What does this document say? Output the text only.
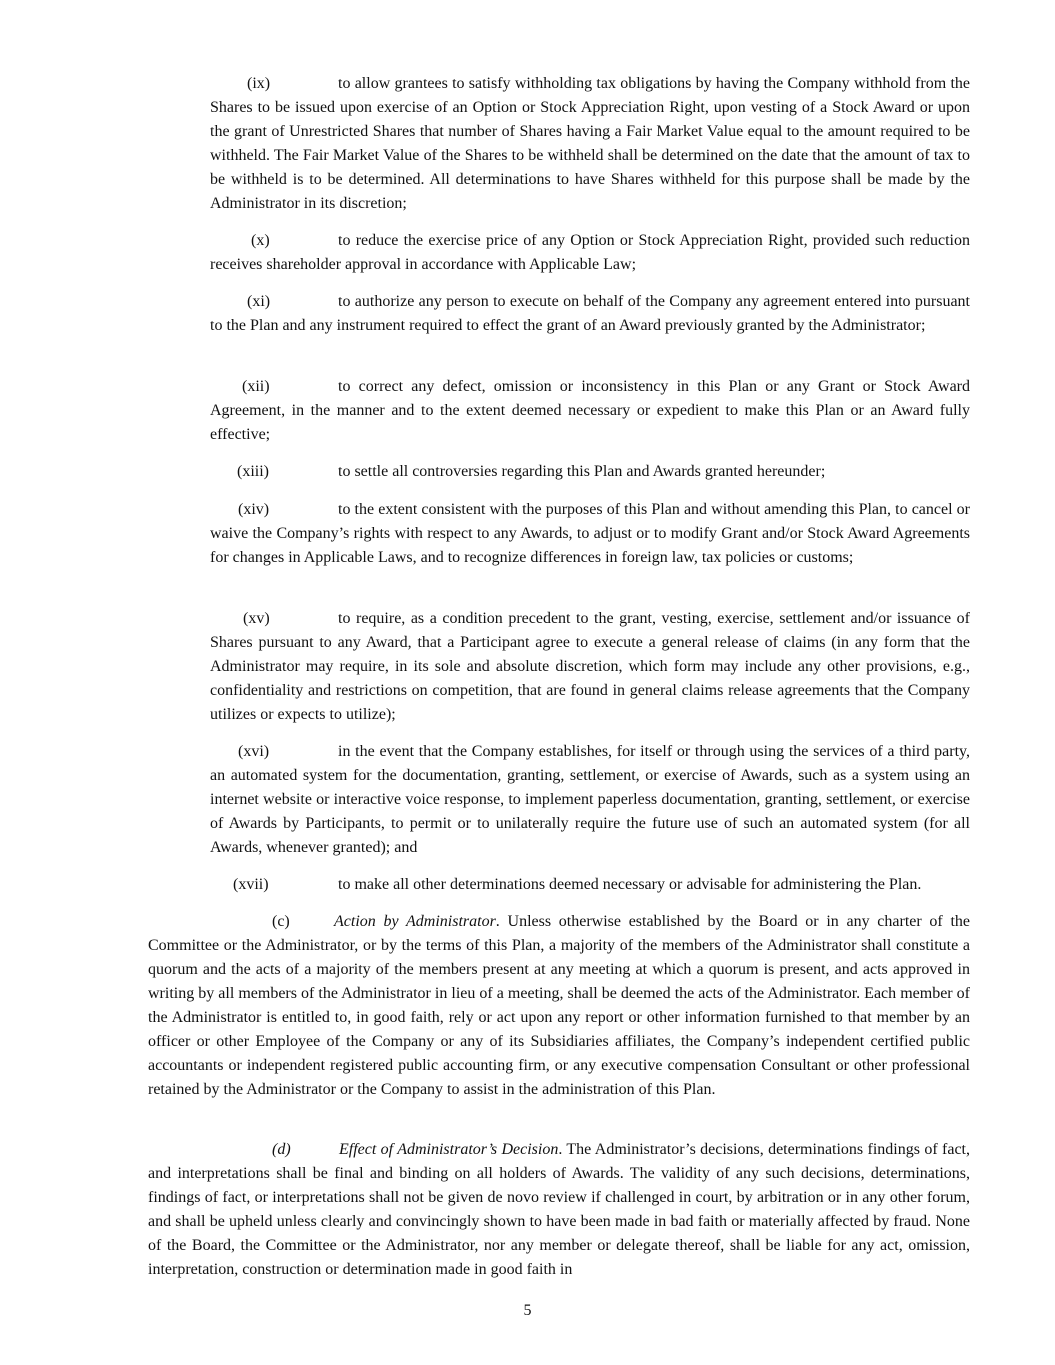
(ix)	to allow grantees to satisfy withholding tax obligations by having the Company withhold from the Shares to be issued upon exercise of an Option or Stock Appreciation Right, upon vesting of a Stock Award or upon the grant of Unrestricted Shares that number of Shares having a Fair Market Value equal to the amount required to be withheld. The Fair Market Value of the Shares to be withheld shall be determined on the date that the amount of tax to be withheld is to be determined. All determinations to have Shares withheld for this purpose shall be made by the Administrator in its discretion;

(x)	to reduce the exercise price of any Option or Stock Appreciation Right, provided such reduction receives shareholder approval in accordance with Applicable Law;

(xi)	to authorize any person to execute on behalf of the Company any agreement entered into pursuant to the Plan and any instrument required to effect the grant of an Award previously granted by the Administrator;

(xii)	to correct any defect, omission or inconsistency in this Plan or any Grant or Stock Award Agreement, in the manner and to the extent deemed necessary or expedient to make this Plan or an Award fully effective;

(xiii)	to settle all controversies regarding this Plan and Awards granted hereunder;

(xiv)	to the extent consistent with the purposes of this Plan and without amending this Plan, to cancel or waive the Company’s rights with respect to any Awards, to adjust or to modify Grant and/or Stock Award Agreements for changes in Applicable Laws, and to recognize differences in foreign law, tax policies or customs;

(xv)	to require, as a condition precedent to the grant, vesting, exercise, settlement and/or issuance of Shares pursuant to any Award, that a Participant agree to execute a general release of claims (in any form that the Administrator may require, in its sole and absolute discretion, which form may include any other provisions, e.g., confidentiality and restrictions on competition, that are found in general claims release agreements that the Company utilizes or expects to utilize);

(xvi)	in the event that the Company establishes, for itself or through using the services of a third party, an automated system for the documentation, granting, settlement, or exercise of Awards, such as a system using an internet website or interactive voice response, to implement paperless documentation, granting, settlement, or exercise of Awards by Participants, to permit or to unilaterally require the future use of such an automated system (for all Awards, whenever granted); and

(xvii)	to make all other determinations deemed necessary or advisable for administering the Plan.

(c)	Action by Administrator. Unless otherwise established by the Board or in any charter of the Committee or the Administrator, or by the terms of this Plan, a majority of the members of the Administrator shall constitute a quorum and the acts of a majority of the members present at any meeting at which a quorum is present, and acts approved in writing by all members of the Administrator in lieu of a meeting, shall be deemed the acts of the Administrator. Each member of the Administrator is entitled to, in good faith, rely or act upon any report or other information furnished to that member by an officer or other Employee of the Company or any of its Subsidiaries affiliates, the Company’s independent certified public accountants or independent registered public accounting firm, or any executive compensation Consultant or other professional retained by the Administrator or the Company to assist in the administration of this Plan.

(d)	Effect of Administrator’s Decision. The Administrator’s decisions, determinations findings of fact, and interpretations shall be final and binding on all holders of Awards. The validity of any such decisions, determinations, findings of fact, or interpretations shall not be given de novo review if challenged in court, by arbitration or in any other forum, and shall be upheld unless clearly and convincingly shown to have been made in bad faith or materially affected by fraud. None of the Board, the Committee or the Administrator, nor any member or delegate thereof, shall be liable for any act, omission, interpretation, construction or determination made in good faith in

5
